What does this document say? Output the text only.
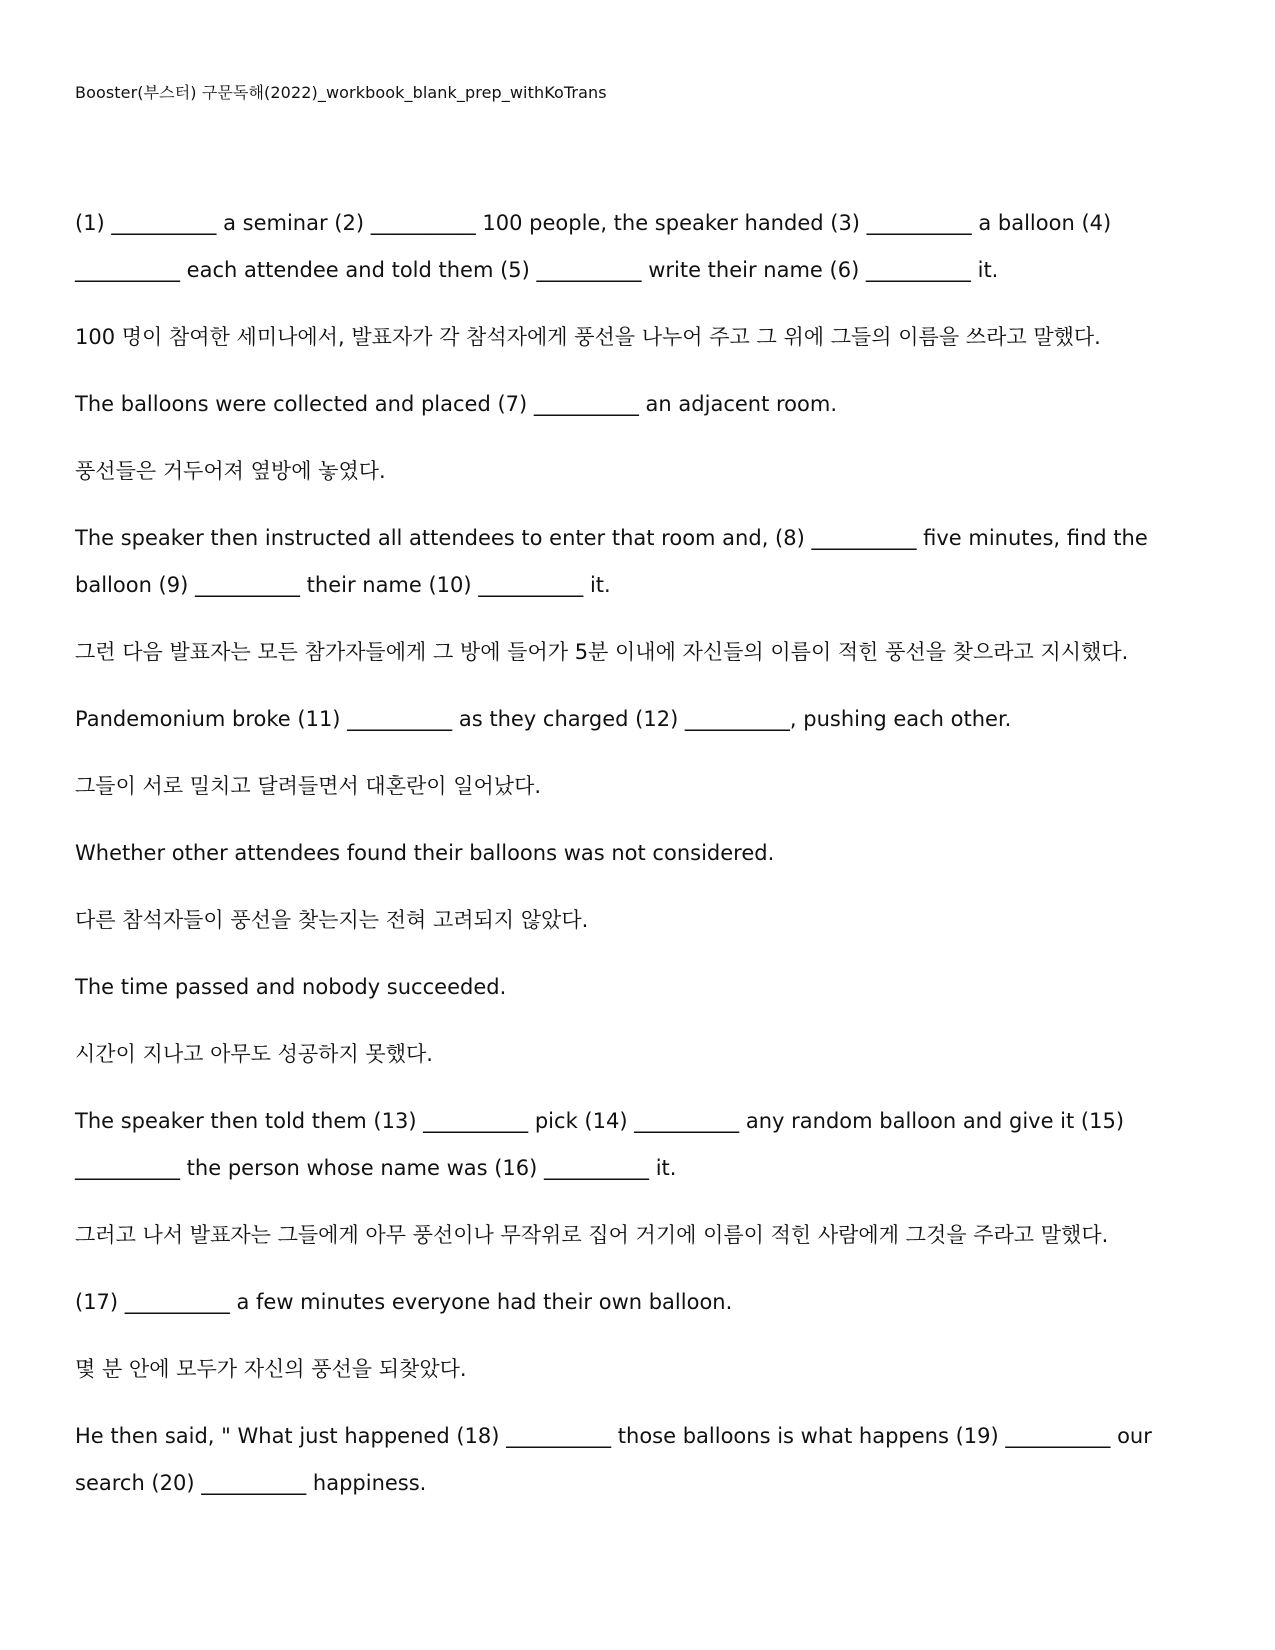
Booster(부스터) 구문독해(2022)_workbook_blank_prep_withKoTrans

(1) __________ a seminar (2) __________ 100 people, the speaker handed (3) __________ a balloon (4) __________ each attendee and told them (5) __________ write their name (6) __________ it.

100 명이 참여한 세미나에서, 발표자가 각 참석자에게 풍선을 나누어 주고 그 위에 그들의 이름을 쓰라고 말했다.

The balloons were collected and placed (7) __________ an adjacent room.

풍선들은 거두어져 옆방에 놓였다.

The speaker then instructed all attendees to enter that room and, (8) __________ five minutes, find the balloon (9) __________ their name (10) __________ it.

그런 다음 발표자는 모든 참가자들에게 그 방에 들어가 5분 이내에 자신들의 이름이 적힌 풍선을 찾으라고 지시했다.

Pandemonium broke (11) __________ as they charged (12) __________, pushing each other.

그들이 서로 밀치고 달려들면서 대혼란이 일어났다.

Whether other attendees found their balloons was not considered.

다른 참석자들이 풍선을 찾는지는 전혀 고려되지 않았다.

The time passed and nobody succeeded.

시간이 지나고 아무도 성공하지 못했다.

The speaker then told them (13) __________ pick (14) __________ any random balloon and give it (15) __________ the person whose name was (16) __________ it.

그러고 나서 발표자는 그들에게 아무 풍선이나 무작위로 집어 거기에 이름이 적힌 사람에게 그것을 주라고 말했다.

(17) __________ a few minutes everyone had their own balloon.

몇 분 안에 모두가 자신의 풍선을 되찾았다.

He then said, " What just happened (18) __________ those balloons is what happens (19) __________ our search (20) __________ happiness.
